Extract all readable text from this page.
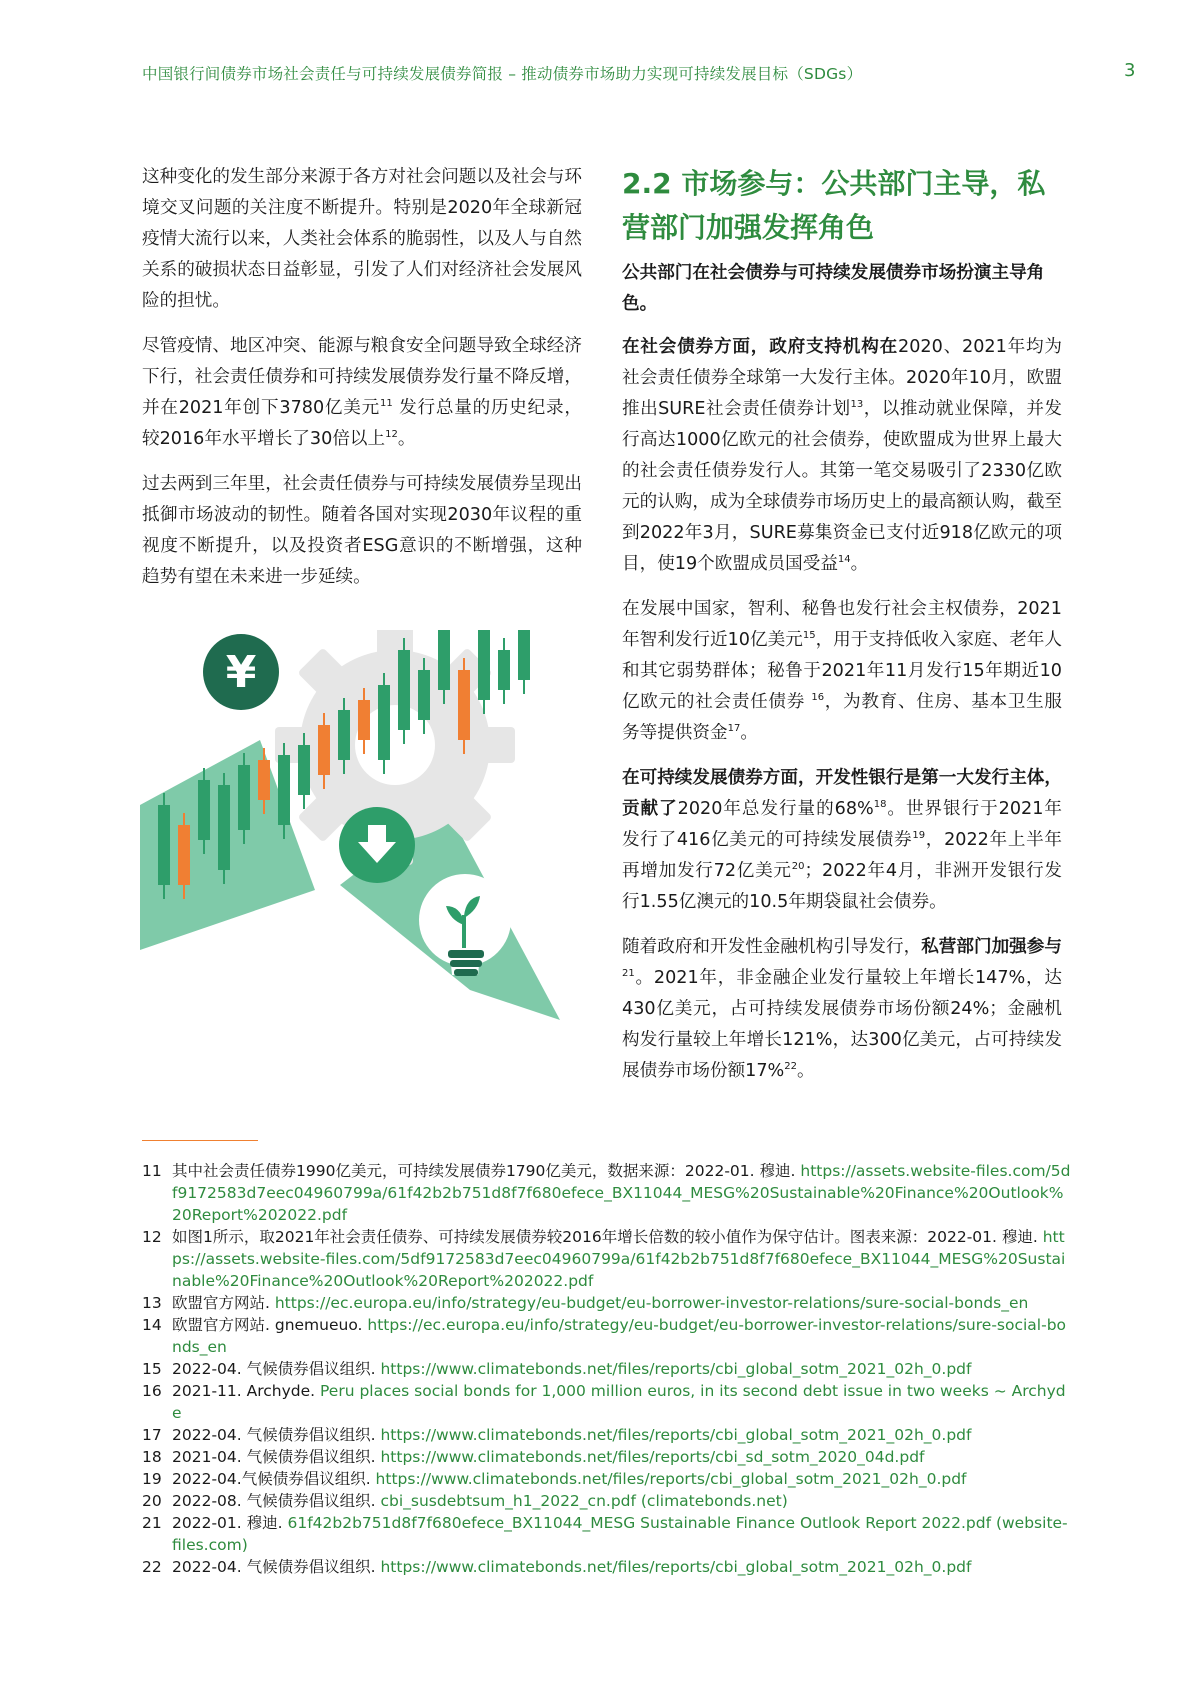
中国银行间债券市场社会责任与可持续发展债券简报 – 推动债券市场助力实现可持续发展目标（SDGs）	3

这种变化的发生部分来源于各方对社会问题以及社会与环境交叉问题的关注度不断提升。特别是2020年全球新冠疫情大流行以来，人类社会体系的脆弱性，以及人与自然关系的破损状态日益彰显，引发了人们对经济社会发展风险的担忧。

尽管疫情、地区冲突、能源与粮食安全问题导致全球经济下行，社会责任债券和可持续发展债券发行量不降反增，并在2021年创下3780亿美元$^{11}$ 发行总量的历史纪录，较2016年水平增长了30倍以上$^{12}$。

过去两到三年里，社会责任债券与可持续发展债券呈现出抵御市场波动的韧性。随着各国对实现2030年议程的重视度不断提升，以及投资者ESG意识的不断增强，这种趋势有望在未来进一步延续。

¥
2.2 市场参与：公共部门主导，私营部门加强发挥角色
公共部门在社会债券与可持续发展债券市场扮演主导角色。

在社会债券方面，政府支持机构在2020、2021年均为社会责任债券全球第一大发行主体。2020年10月，欧盟推出SURE社会责任债券计划$^{13}$，以推动就业保障，并发行高达1000亿欧元的社会债券，使欧盟成为世界上最大的社会责任债券发行人。其第一笔交易吸引了2330亿欧元的认购，成为全球债券市场历史上的最高额认购，截至到2022年3月，SURE募集资金已支付近918亿欧元的项目，使19个欧盟成员国受益$^{14}$。

在发展中国家，智利、秘鲁也发行社会主权债券，2021年智利发行近10亿美元$^{15}$，用于支持低收入家庭、老年人和其它弱势群体；秘鲁于2021年11月发行15年期近10亿欧元的社会责任债券 $^{16}$，为教育、住房、基本卫生服务等提供资金$^{17}$。

在可持续发展债券方面，开发性银行是第一大发行主体，贡献了2020年总发行量的68%$^{18}$。世界银行于2021年发行了416亿美元的可持续发展债券$^{19}$，2022年上半年再增加发行72亿美元$^{20}$；2022年4月，非洲开发银行发行1.55亿澳元的10.5年期袋鼠社会债券。

随着政府和开发性金融机构引导发行，私营部门加强参与$^{21}$。2021年，非金融企业发行量较上年增长147%，达430亿美元，占可持续发展债券市场份额24%；金融机构发行量较上年增长121%，达300亿美元，占可持续发展债券市场份额17%$^{22}$。

11 其中社会责任债券1990亿美元，可持续发展债券1790亿美元，数据来源：2022-01. 穆迪. https://assets.website-files.com/5df9172583d7eec04960799a/61f42b2b751d8f7f680efece_BX11044_MESG%20Sustainable%20Finance%20Outlook%20Report%202022.pdf
12 如图1所示，取2021年社会责任债券、可持续发展债券较2016年增长倍数的较小值作为保守估计。图表来源：2022-01. 穆迪. https://assets.website-files.com/5df9172583d7eec04960799a/61f42b2b751d8f7f680efece_BX11044_MESG%20Sustainable%20Finance%20Outlook%20Report%202022.pdf
13 欧盟官方网站. https://ec.europa.eu/info/strategy/eu-budget/eu-borrower-investor-relations/sure-social-bonds_en
14 欧盟官方网站. gnemueuo. https://ec.europa.eu/info/strategy/eu-budget/eu-borrower-investor-relations/sure-social-bonds_en
15 2022-04. 气候债券倡议组织. https://www.climatebonds.net/files/reports/cbi_global_sotm_2021_02h_0.pdf
16 2021-11. Archyde. Peru places social bonds for 1,000 million euros, in its second debt issue in two weeks ~ Archyde
17 2022-04. 气候债券倡议组织. https://www.climatebonds.net/files/reports/cbi_global_sotm_2021_02h_0.pdf
18 2021-04. 气候债券倡议组织. https://www.climatebonds.net/files/reports/cbi_sd_sotm_2020_04d.pdf
19 2022-04.气候债券倡议组织. https://www.climatebonds.net/files/reports/cbi_global_sotm_2021_02h_0.pdf
20 2022-08. 气候债券倡议组织. cbi_susdebtsum_h1_2022_cn.pdf (climatebonds.net)
21 2022-01. 穆迪. 61f42b2b751d8f7f680efece_BX11044_MESG Sustainable Finance Outlook Report 2022.pdf (website-files.com)
22 2022-04. 气候债券倡议组织. https://www.climatebonds.net/files/reports/cbi_global_sotm_2021_02h_0.pdf
